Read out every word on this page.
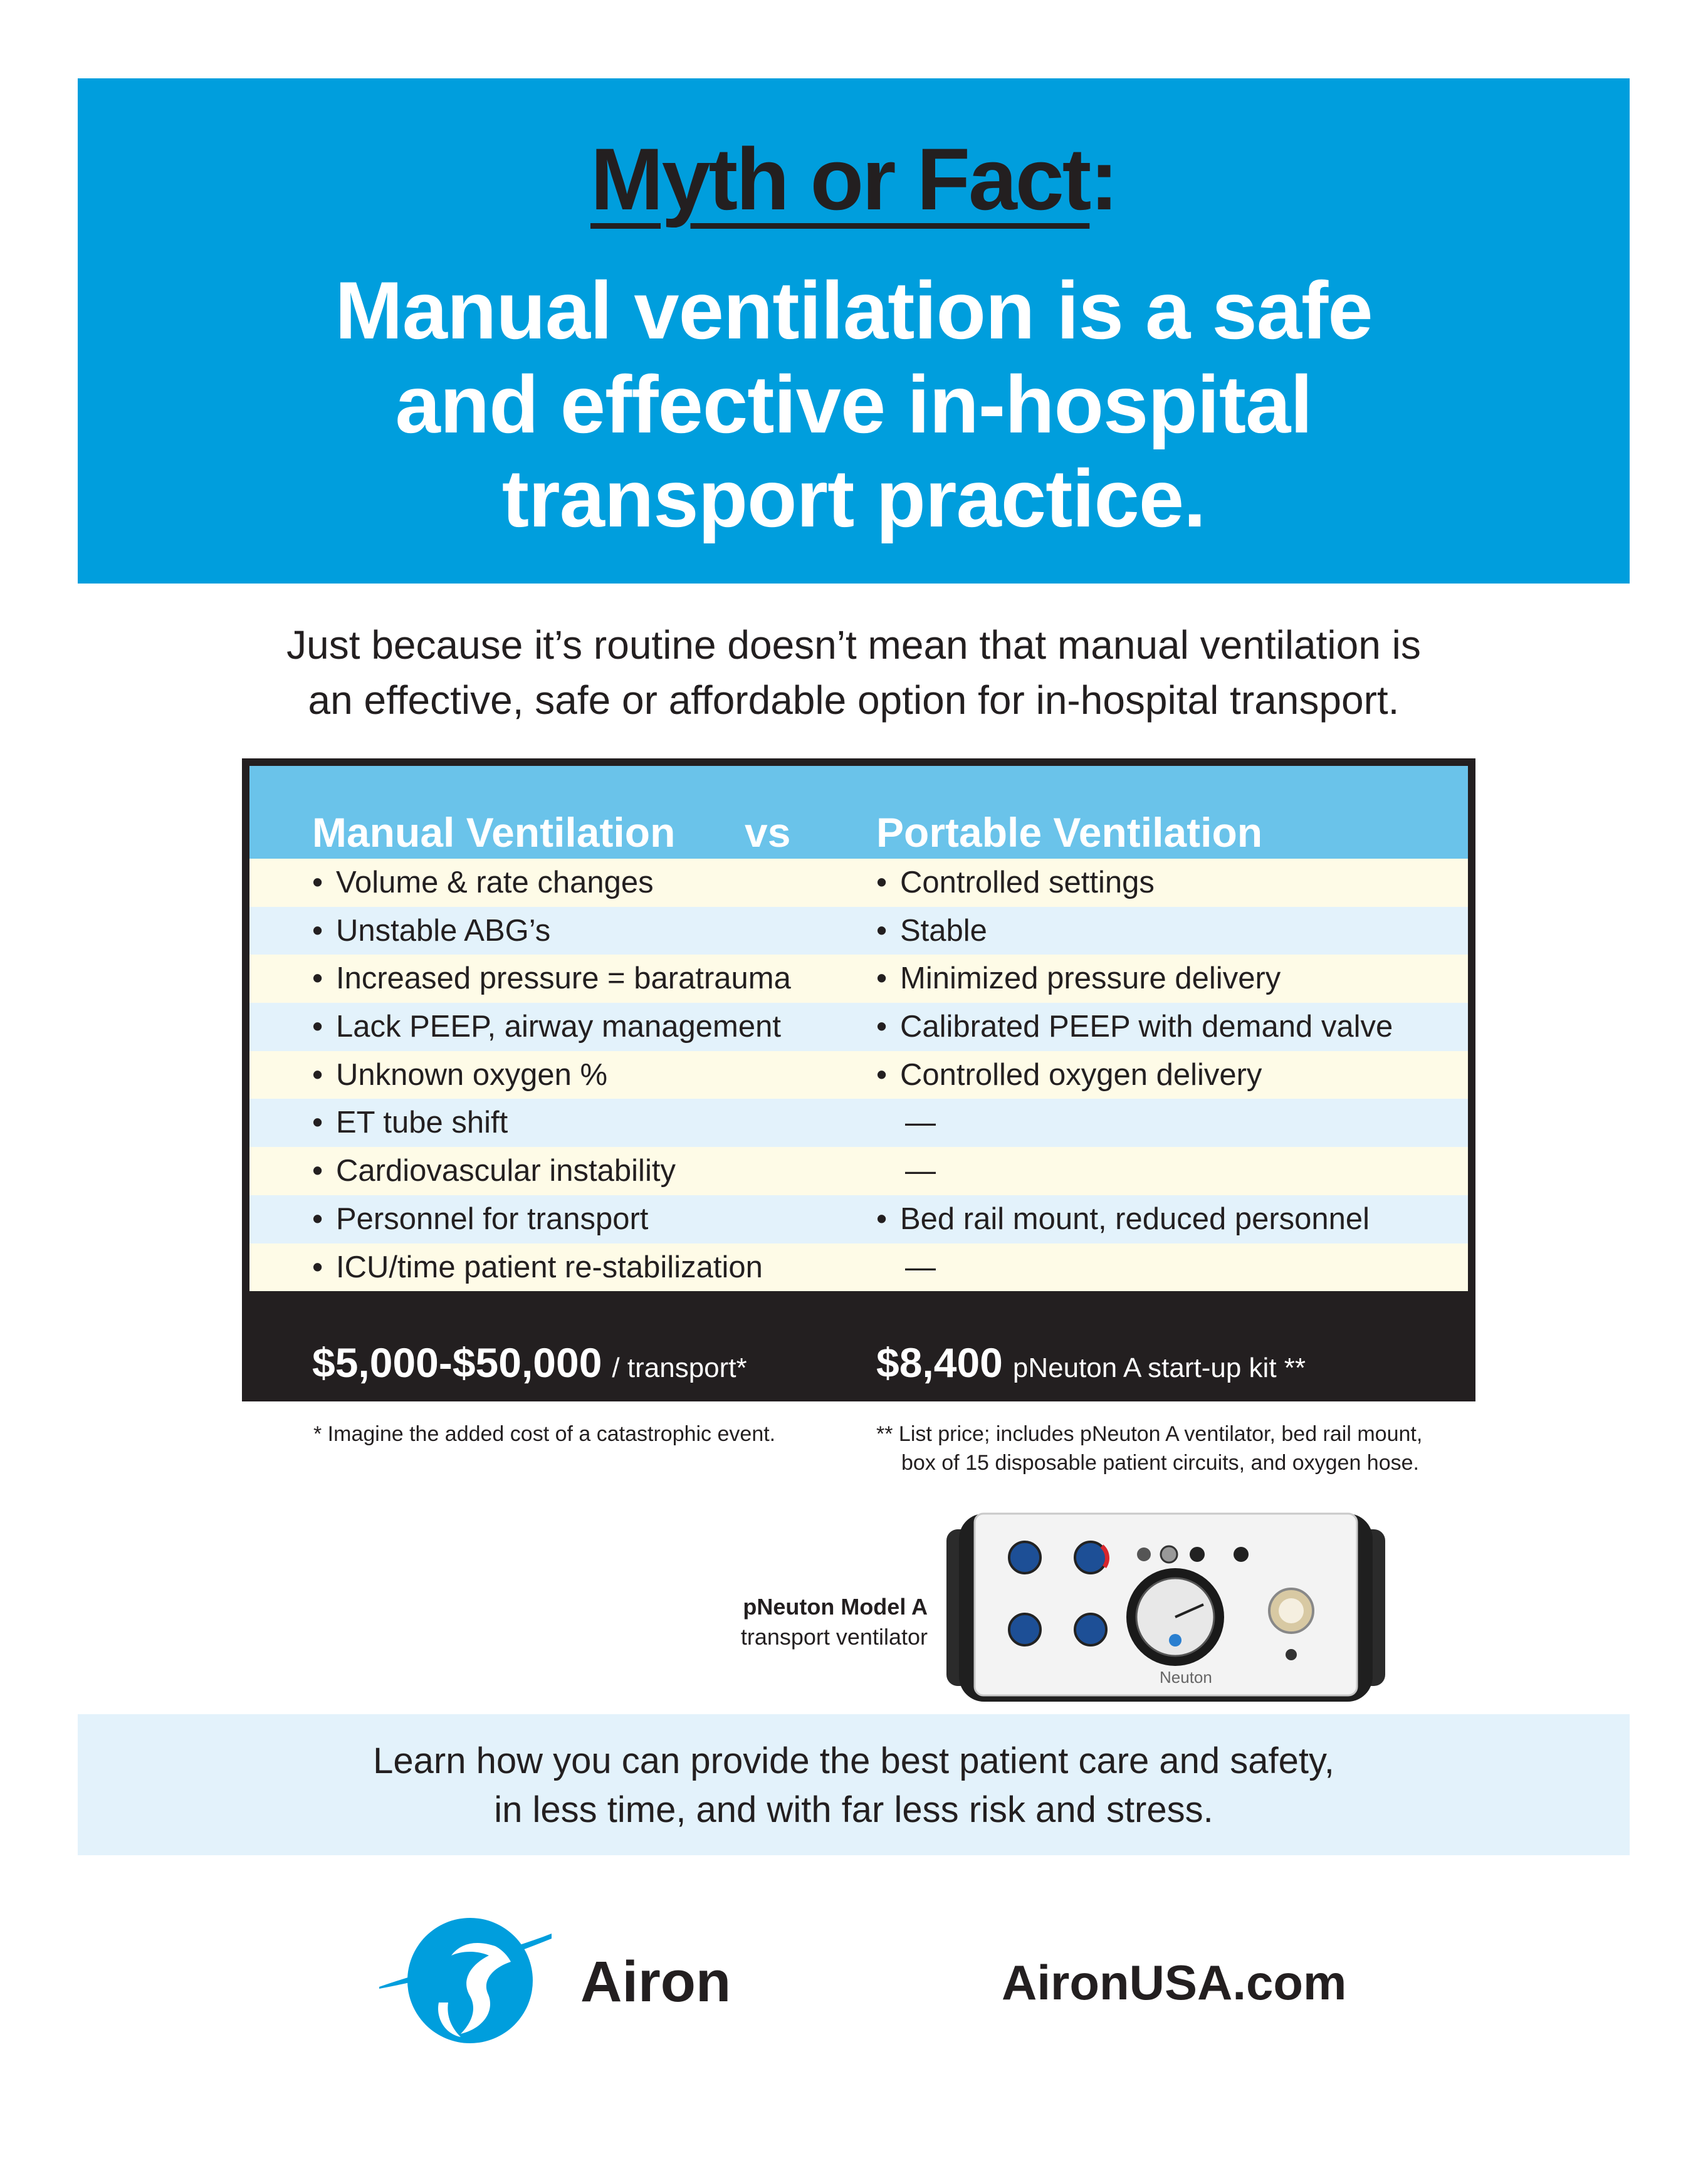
Myth or Fact:
Manual ventilation is a safe
and effective in-hospital
transport practice.
Just because it’s routine doesn’t mean that manual ventilation is
an effective, safe or affordable option for in-hospital transport.
Manual Ventilation vs Portable Ventilation
• Volume & rate changes	• Controlled settings
• Unstable ABG’s	• Stable
• Increased pressure = baratrauma	• Minimized pressure delivery
• Lack PEEP, airway management	• Calibrated PEEP with demand valve
• Unknown oxygen %	• Controlled oxygen delivery
• ET tube shift	—
• Cardiovascular instability	—
• Personnel for transport	• Bed rail mount, reduced personnel
• ICU/time patient re-stabilization	—
$5,000-$50,000 / transport*	$8,400 pNeuton A start-up kit **
* Imagine the added cost of a catastrophic event.	** List price; includes pNeuton A ventilator, bed rail mount,
box of 15 disposable patient circuits, and oxygen hose.
pNeuton Model A
transport ventilator
Neuton
Learn how you can provide the best patient care and safety,
in less time, and with far less risk and stress.
Airon	AironUSA.com
